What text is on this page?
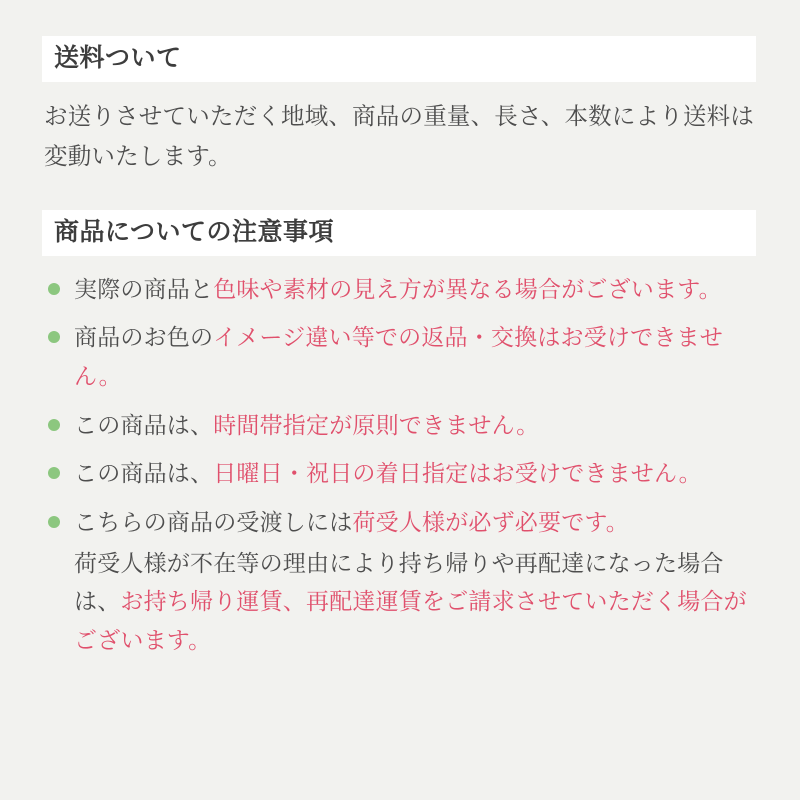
送料ついて

お送りさせていただく地域、商品の重量、長さ、本数により送料は変動いたします。

商品についての注意事項
実際の商品と色味や素材の見え方が異なる場合がございます。
商品のお色のイメージ違い等での返品・交換はお受けできません。
この商品は、時間帯指定が原則できません。
この商品は、日曜日・祝日の着日指定はお受けできません。
こちらの商品の受渡しには荷受人様が必ず必要です。
荷受人様が不在等の理由により持ち帰りや再配達になった場合は、お持ち帰り運賃、再配達運賃をご請求させていただく場合がございます。
